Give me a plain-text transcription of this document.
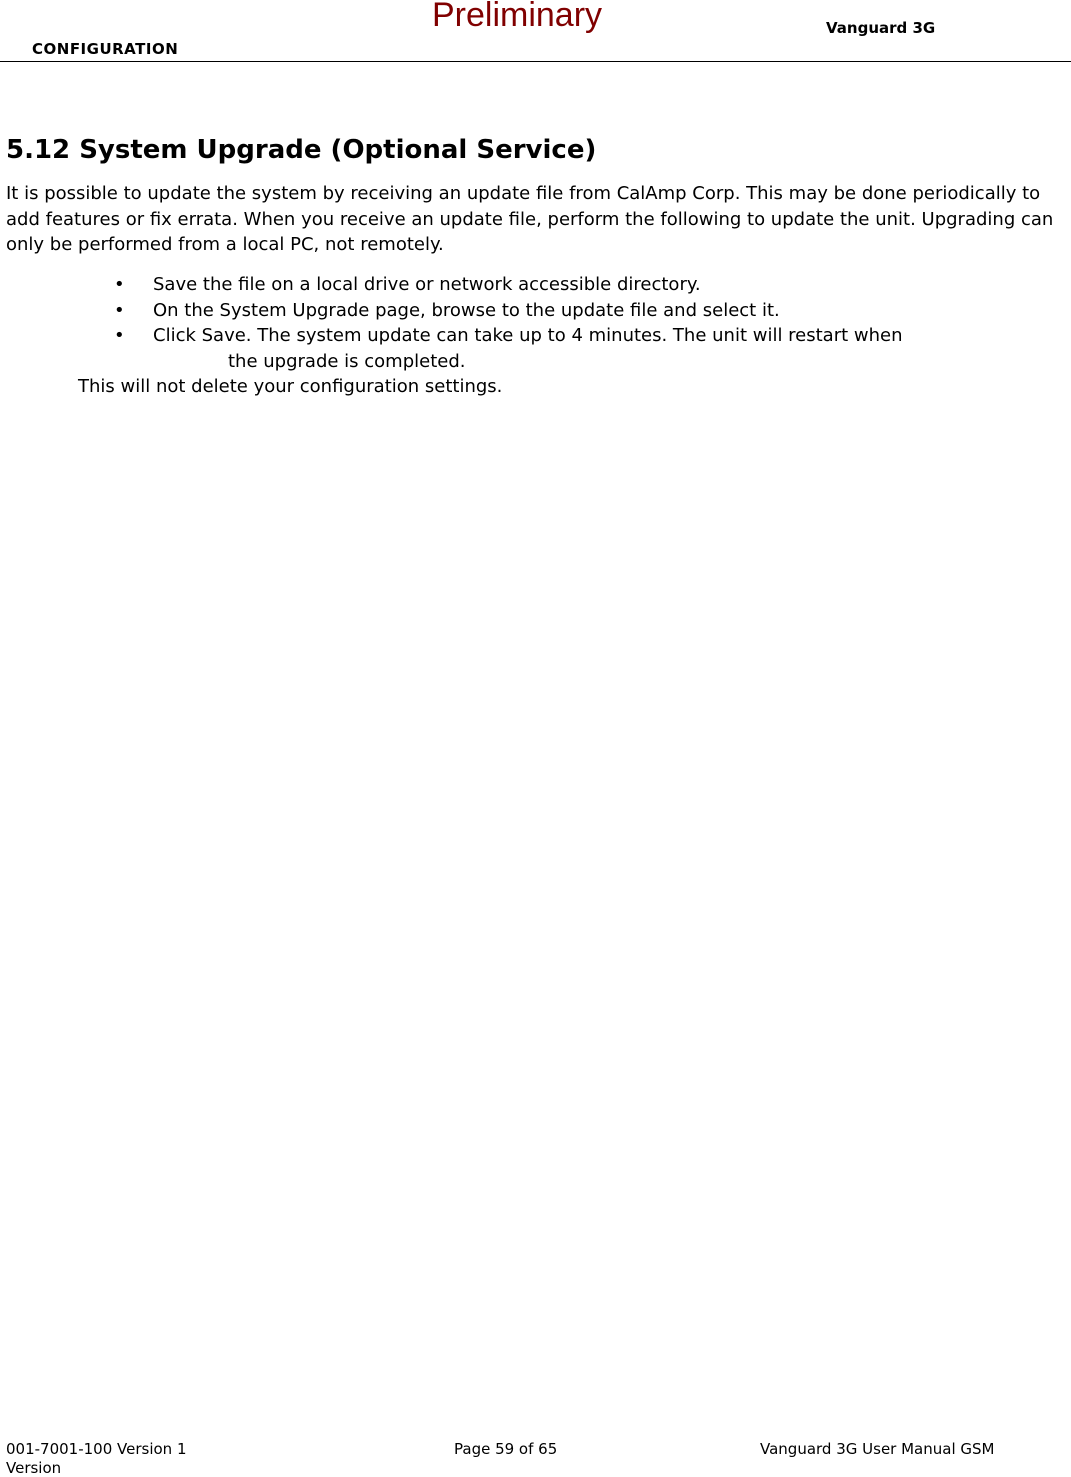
CONFIGURATION
Preliminary	Vanguard 3G
5.12 System Upgrade (Optional Service)

It is possible to update the system by receiving an update file from CalAmp Corp. This may be done periodically to add features or fix errata. When you receive an update file, perform the following to update the unit. Upgrading can only be performed from a local PC, not remotely.

• Save the file on a local drive or network accessible directory.
• On the System Upgrade page, browse to the update file and select it.
• Click Save. The system update can take up to 4 minutes. The unit will restart when
the upgrade is completed.

This will not delete your configuration settings.

001-7001-100 Version 1	Page 59 of 65	Vanguard 3G User Manual GSM
Version
